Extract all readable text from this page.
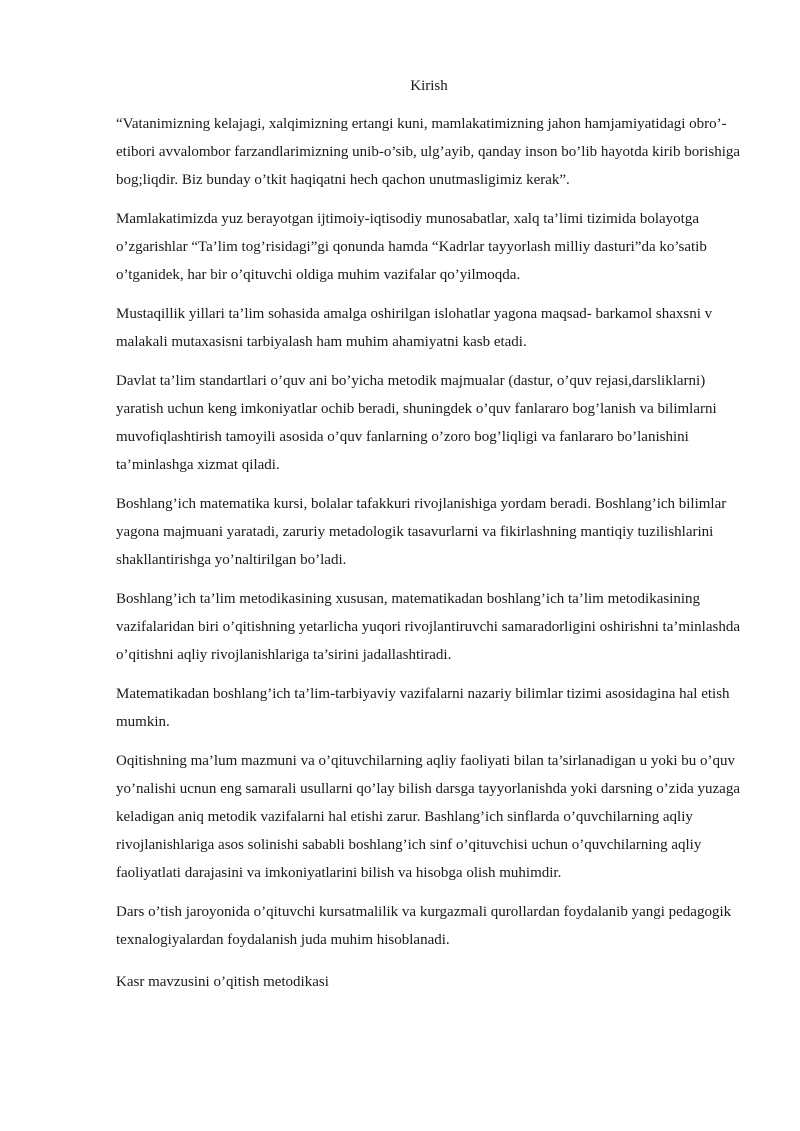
Kirish

“Vatanimizning kelajagi, xalqimizning ertangi kuni, mamlakatimizning jahon hamjamiyatidagi obro’-etibori avvalombor farzandlarimizning unib-o’sib, ulg’ayib, qanday inson bo’lib hayotda kirib borishiga bog;liqdir. Biz bunday o’tkit haqiqatni hech qachon unutmasligimiz kerak”.

Mamlakatimizda yuz berayotgan ijtimoiy-iqtisodiy munosabatlar, xalq ta’limi tizimida bolayotga o’zgarishlar “Ta’lim tog’risidagi”gi qonunda hamda “Kadrlar tayyorlash milliy dasturi”da ko’satib o’tganidek, har bir o’qituvchi oldiga muhim vazifalar qo’yilmoqda.

Mustaqillik yillari ta’lim sohasida amalga oshirilgan islohatlar yagona maqsad- barkamol shaxsni v malakali mutaxasisni tarbiyalash ham muhim ahamiyatni kasb etadi.

Davlat ta’lim standartlari o’quv ani bo’yicha metodik majmualar (dastur, o’quv rejasi,darsliklarni) yaratish uchun keng imkoniyatlar ochib beradi, shuningdek o’quv fanlararo bog’lanish va bilimlarni muvofiqlashtirish tamoyili asosida o’quv fanlarning o’zoro bog’liqligi va fanlararo bo’lanishini ta’minlashga xizmat qiladi.

Boshlang’ich matematika kursi, bolalar tafakkuri rivojlanishiga yordam beradi. Boshlang’ich bilimlar yagona majmuani yaratadi, zaruriy metadologik tasavurlarni va fikirlashning mantiqiy tuzilishlarini shakllantirishga yo’naltirilgan bo’ladi.

Boshlang’ich ta’lim metodikasining xususan, matematikadan boshlang’ich ta’lim metodikasining vazifalaridan biri o’qitishning yetarlicha yuqori rivojlantiruvchi samaradorligini oshirishni ta’minlashda o’qitishni aqliy rivojlanishlariga ta’sirini jadallashtiradi.

Matematikadan boshlang’ich ta’lim-tarbiyaviy vazifalarni nazariy bilimlar tizimi asosidagina hal etish mumkin.

Oqitishning ma’lum mazmuni va o’qituvchilarning aqliy faoliyati bilan ta’sirlanadigan u yoki bu o’quv yo’nalishi ucnun eng samarali usullarni qo’lay bilish darsga tayyorlanishda yoki darsning o’zida yuzaga keladigan aniq metodik vazifalarni hal etishi zarur. Bashlang’ich sinflarda o’quvchilarning aqliy rivojlanishlariga asos solinishi sababli boshlang’ich sinf o’qituvchisi uchun o’quvchilarning aqliy faoliyatlati darajasini va imkoniyatlarini bilish va hisobga olish muhimdir.

Dars o’tish jaroyonida o’qituvchi kursatmalilik va kurgazmali qurollardan foydalanib yangi pedagogik texnalogiyalardan foydalanish juda muhim hisoblanadi.

Kasr mavzusini o’qitish metodikasi
